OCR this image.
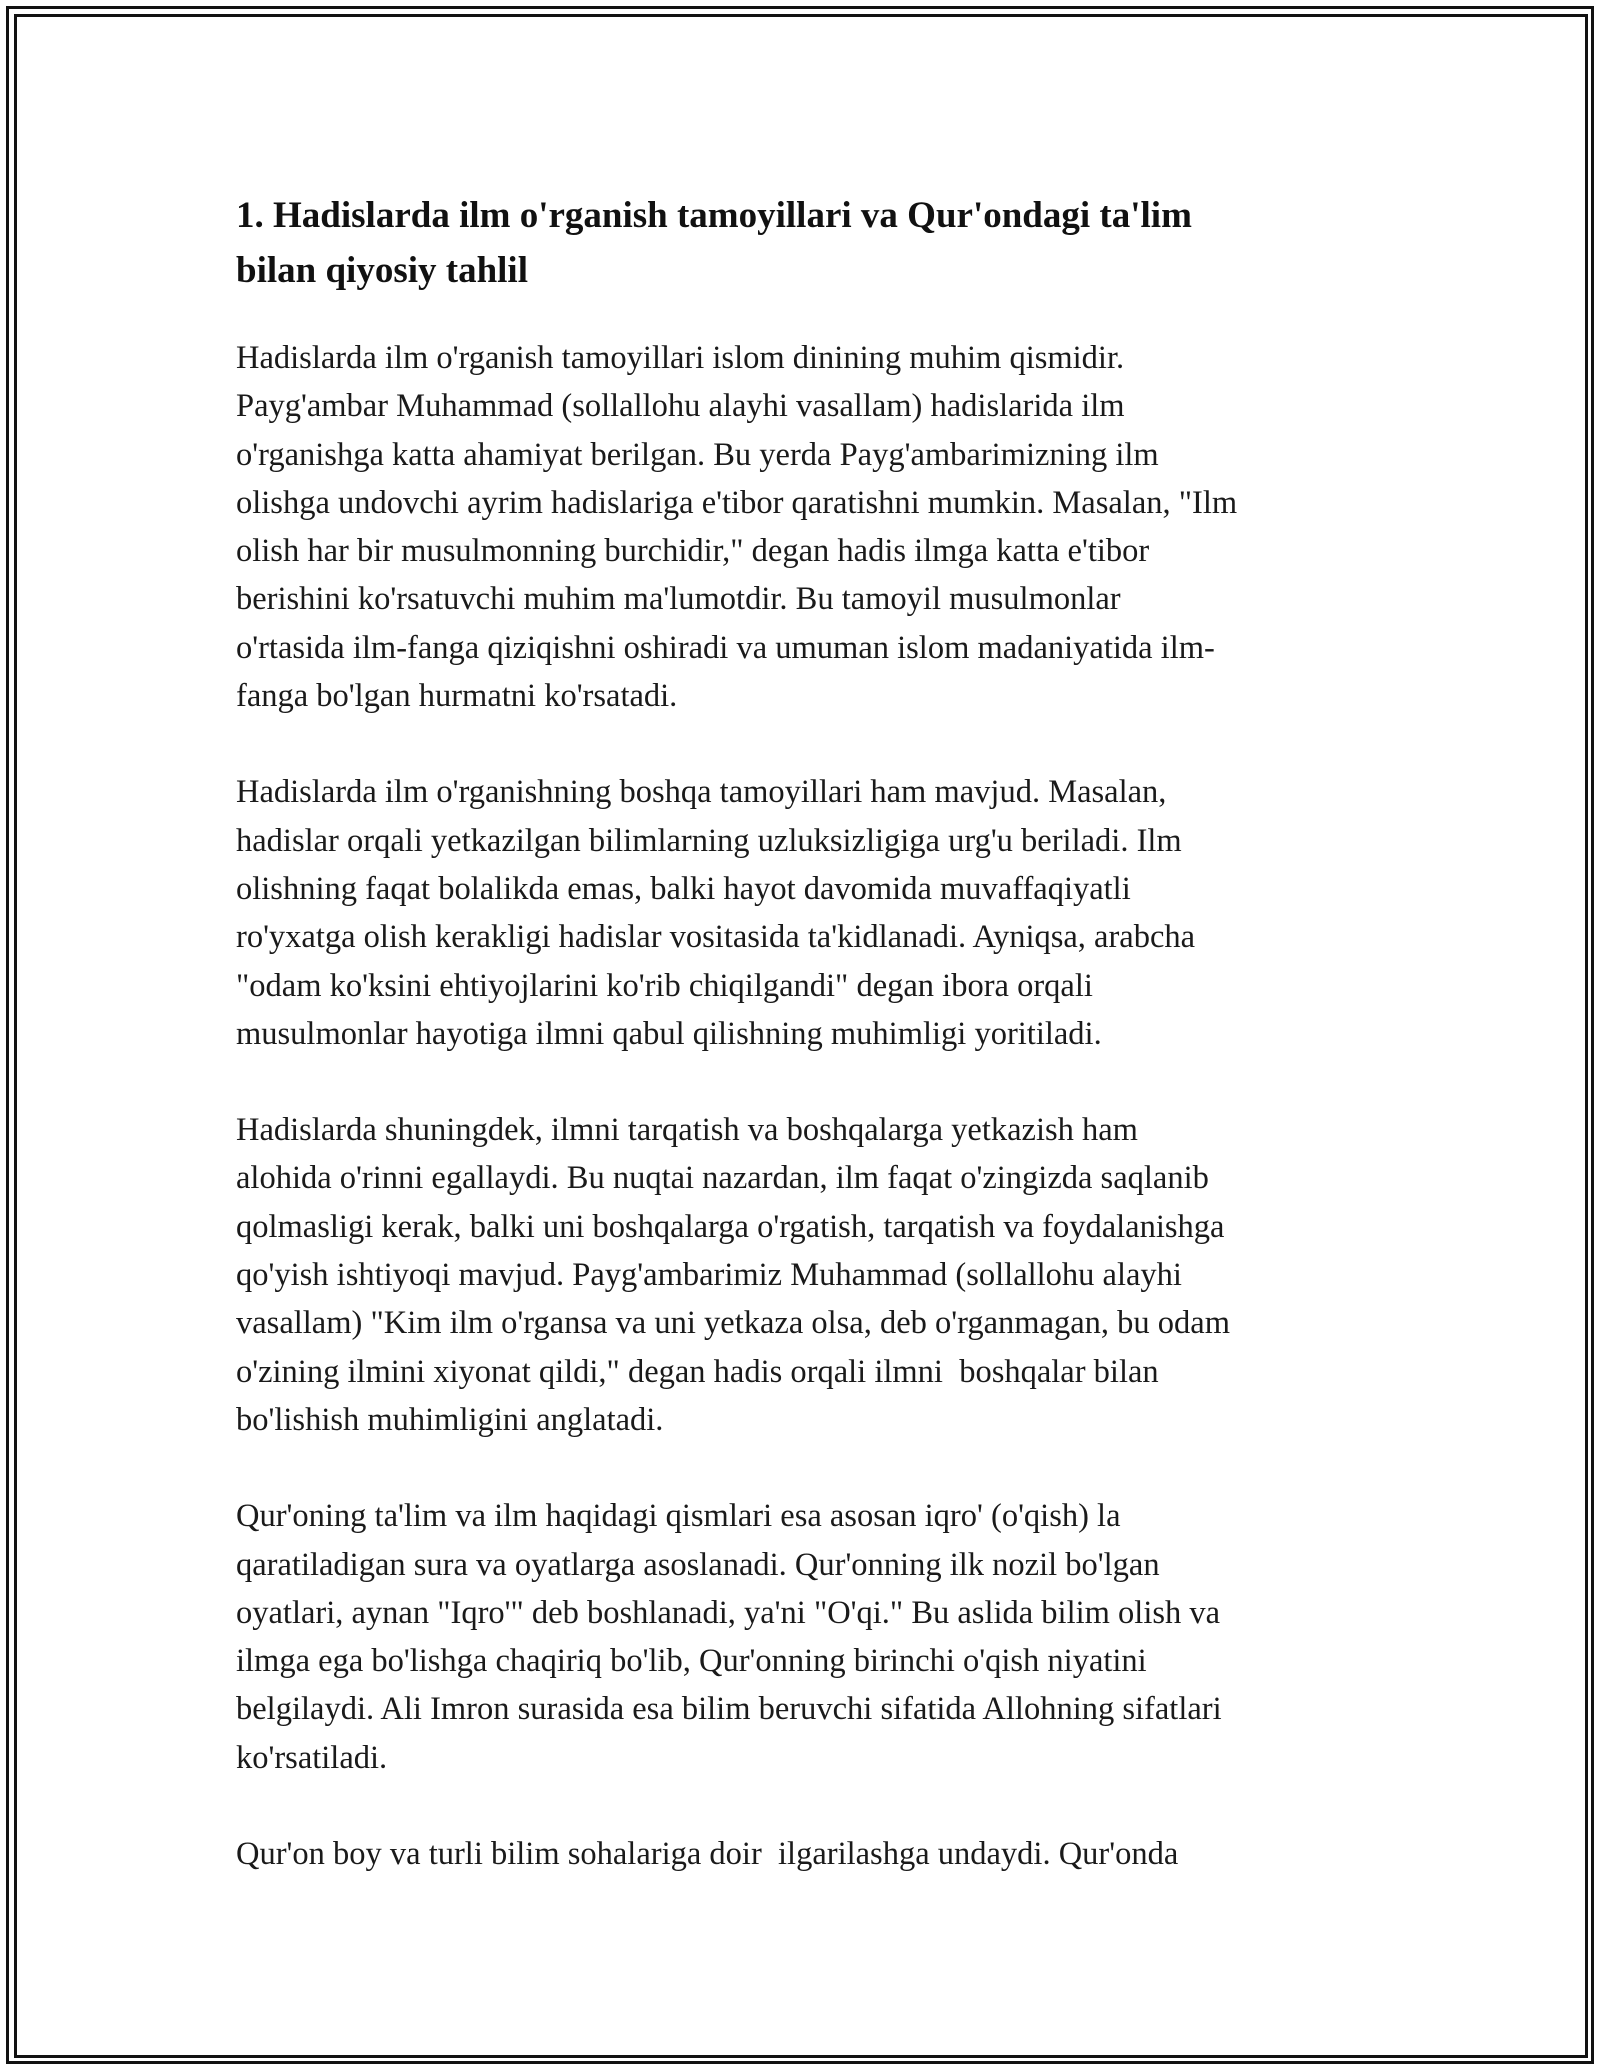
1. Hadislarda ilm o'rganish tamoyillari va Qur'ondagi ta'lim
bilan qiyosiy tahlil

Hadislarda ilm o'rganish tamoyillari islom dinining muhim qismidir.
Payg'ambar Muhammad (sollallohu alayhi vasallam) hadislarida ilm
o'rganishga katta ahamiyat berilgan. Bu yerda Payg'ambarimizning ilm
olishga undovchi ayrim hadislariga e'tibor qaratishni mumkin. Masalan, "Ilm
olish har bir musulmonning burchidir," degan hadis ilmga katta e'tibor
berishini ko'rsatuvchi muhim ma'lumotdir. Bu tamoyil musulmonlar
o'rtasida ilm-fanga qiziqishni oshiradi va umuman islom madaniyatida ilm-
fanga bo'lgan hurmatni ko'rsatadi.

Hadislarda ilm o'rganishning boshqa tamoyillari ham mavjud. Masalan,
hadislar orqali yetkazilgan bilimlarning uzluksizligiga urg'u beriladi. Ilm
olishning faqat bolalikda emas, balki hayot davomida muvaffaqiyatli
ro'yxatga olish kerakligi hadislar vositasida ta'kidlanadi. Ayniqsa, arabcha
"odam ko'ksini ehtiyojlarini ko'rib chiqilgandi" degan ibora orqali
musulmonlar hayotiga ilmni qabul qilishning muhimligi yoritiladi.

Hadislarda shuningdek, ilmni tarqatish va boshqalarga yetkazish ham
alohida o'rinni egallaydi. Bu nuqtai nazardan, ilm faqat o'zingizda saqlanib
qolmasligi kerak, balki uni boshqalarga o'rgatish, tarqatish va foydalanishga
qo'yish ishtiyoqi mavjud. Payg'ambarimiz Muhammad (sollallohu alayhi
vasallam) "Kim ilm o'rgansa va uni yetkaza olsa, deb o'rganmagan, bu odam
o'zining ilmini xiyonat qildi," degan hadis orqali ilmni  boshqalar bilan
bo'lishish muhimligini anglatadi.

Qur'oning ta'lim va ilm haqidagi qismlari esa asosan iqro' (o'qish) la
qaratiladigan sura va oyatlarga asoslanadi. Qur'onning ilk nozil bo'lgan
oyatlari, aynan "Iqro'" deb boshlanadi, ya'ni "O'qi." Bu aslida bilim olish va
ilmga ega bo'lishga chaqiriq bo'lib, Qur'onning birinchi o'qish niyatini
belgilaydi. Ali Imron surasida esa bilim beruvchi sifatida Allohning sifatlari
ko'rsatiladi.

Qur'on boy va turli bilim sohalariga doir  ilgarilashga undaydi. Qur'onda
